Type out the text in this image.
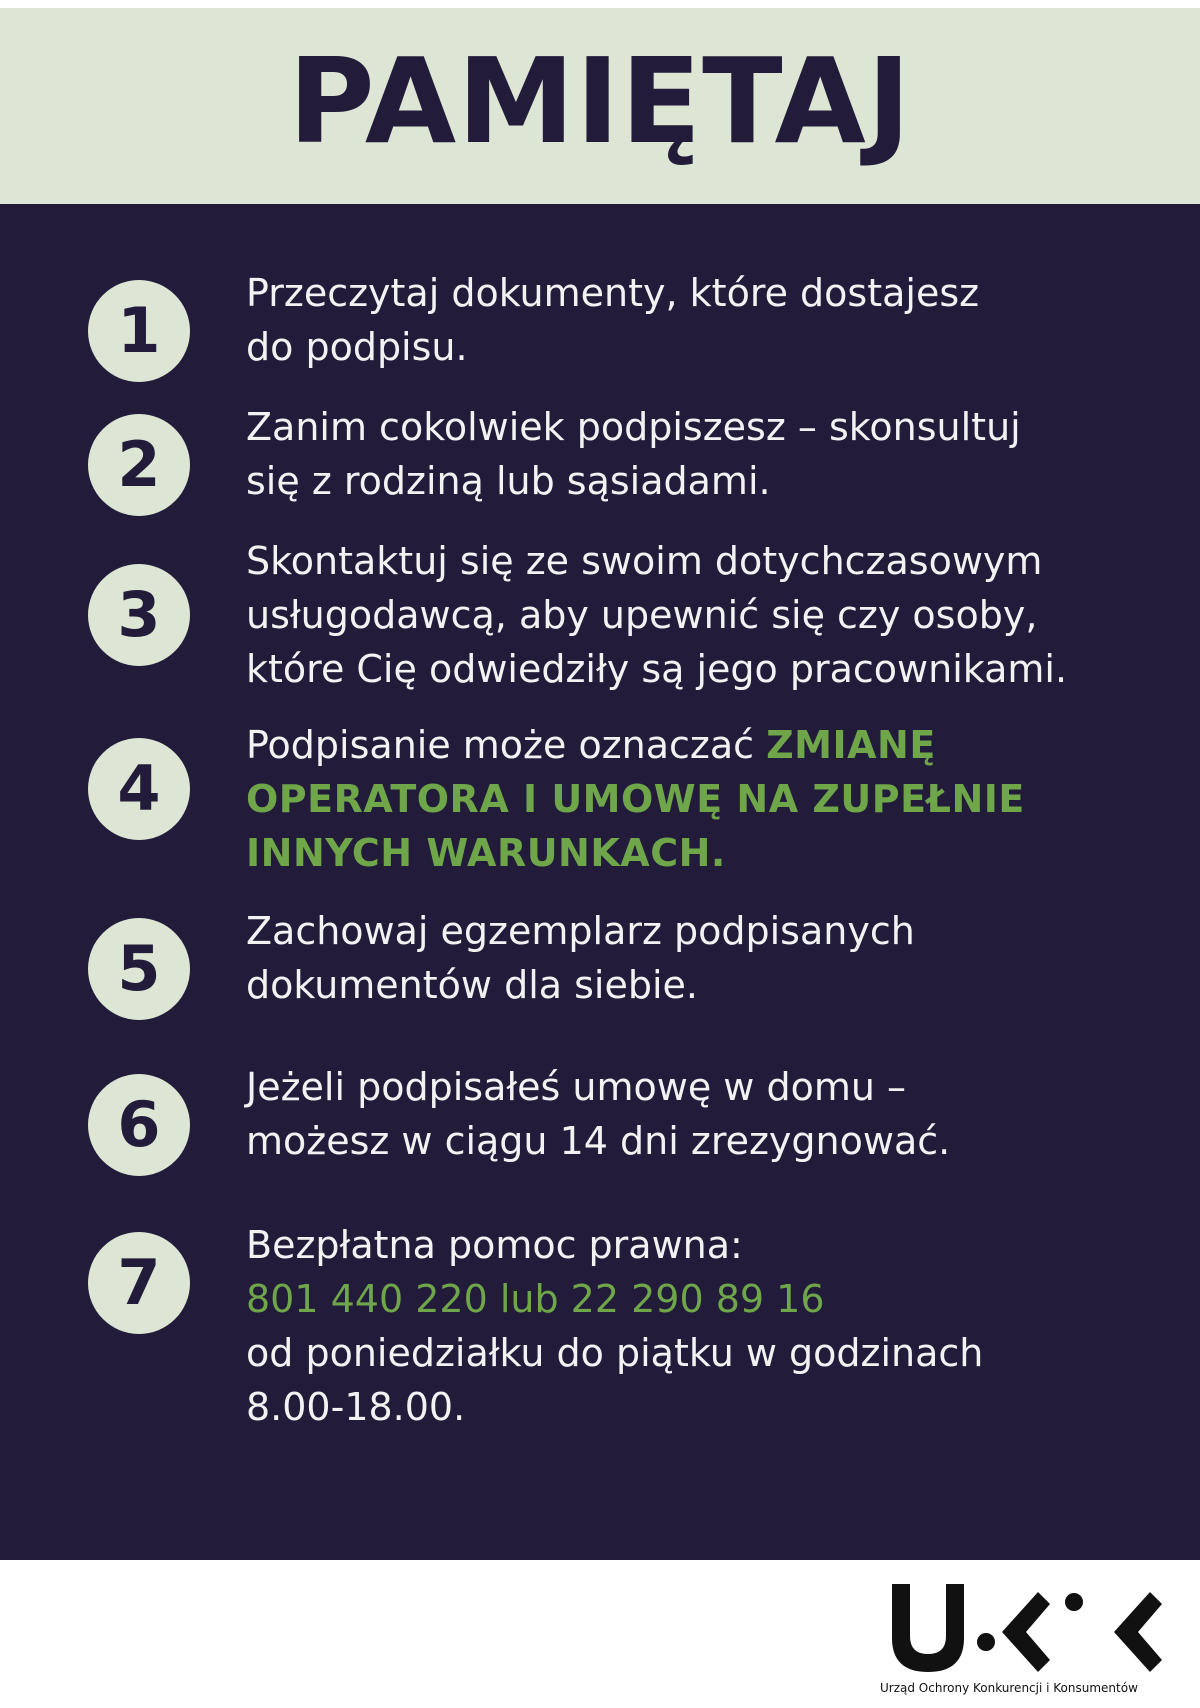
PAMIĘTAJ
1

Przeczytaj dokumenty, które dostajesz
do podpisu.

2

Zanim cokolwiek podpiszesz – skonsultuj
się z rodziną lub sąsiadami.

3

Skontaktuj się ze swoim dotychczasowym
usługodawcą, aby upewnić się czy osoby,
które Cię odwiedziły są jego pracownikami.

4

Podpisanie może oznaczać ZMIANĘ
OPERATORA I UMOWĘ NA ZUPEŁNIE
INNYCH WARUNKACH.

5

Zachowaj egzemplarz podpisanych
dokumentów dla siebie.

6

Jeżeli podpisałeś umowę w domu –
możesz w ciągu 14 dni zrezygnować.

7

Bezpłatna pomoc prawna:
801 440 220 lub 22 290 89 16
od poniedziałku do piątku w godzinach
8.00-18.00.

Urząd Ochrony Konkurencji i Konsumentów
